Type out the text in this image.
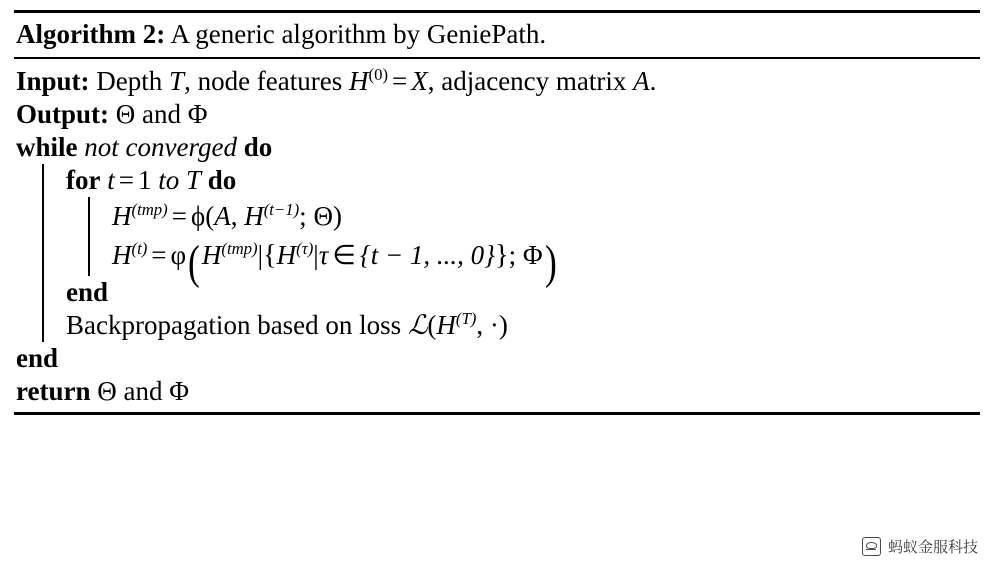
Algorithm 2: A generic algorithm by GeniePath.
Input: Depth T, node features $H^{(0)} = X$, adjacency matrix A.
Output: Θ and Φ
while not converged do
for t = 1 to T do
$H^{(tmp)} = \phi(A$, $H^{(t-1)}$; Θ)
$H^{(t)} = \varphi(H^{(tmp)}|\{H^{(\tau)}|\tau$ ∈ {t − 1, ..., 0}}; Φ)
end
Backpropagation based on loss $ℒ(H^{(T)}$, ·)
end
return Θ and Φ
蚂蚁金服科技
